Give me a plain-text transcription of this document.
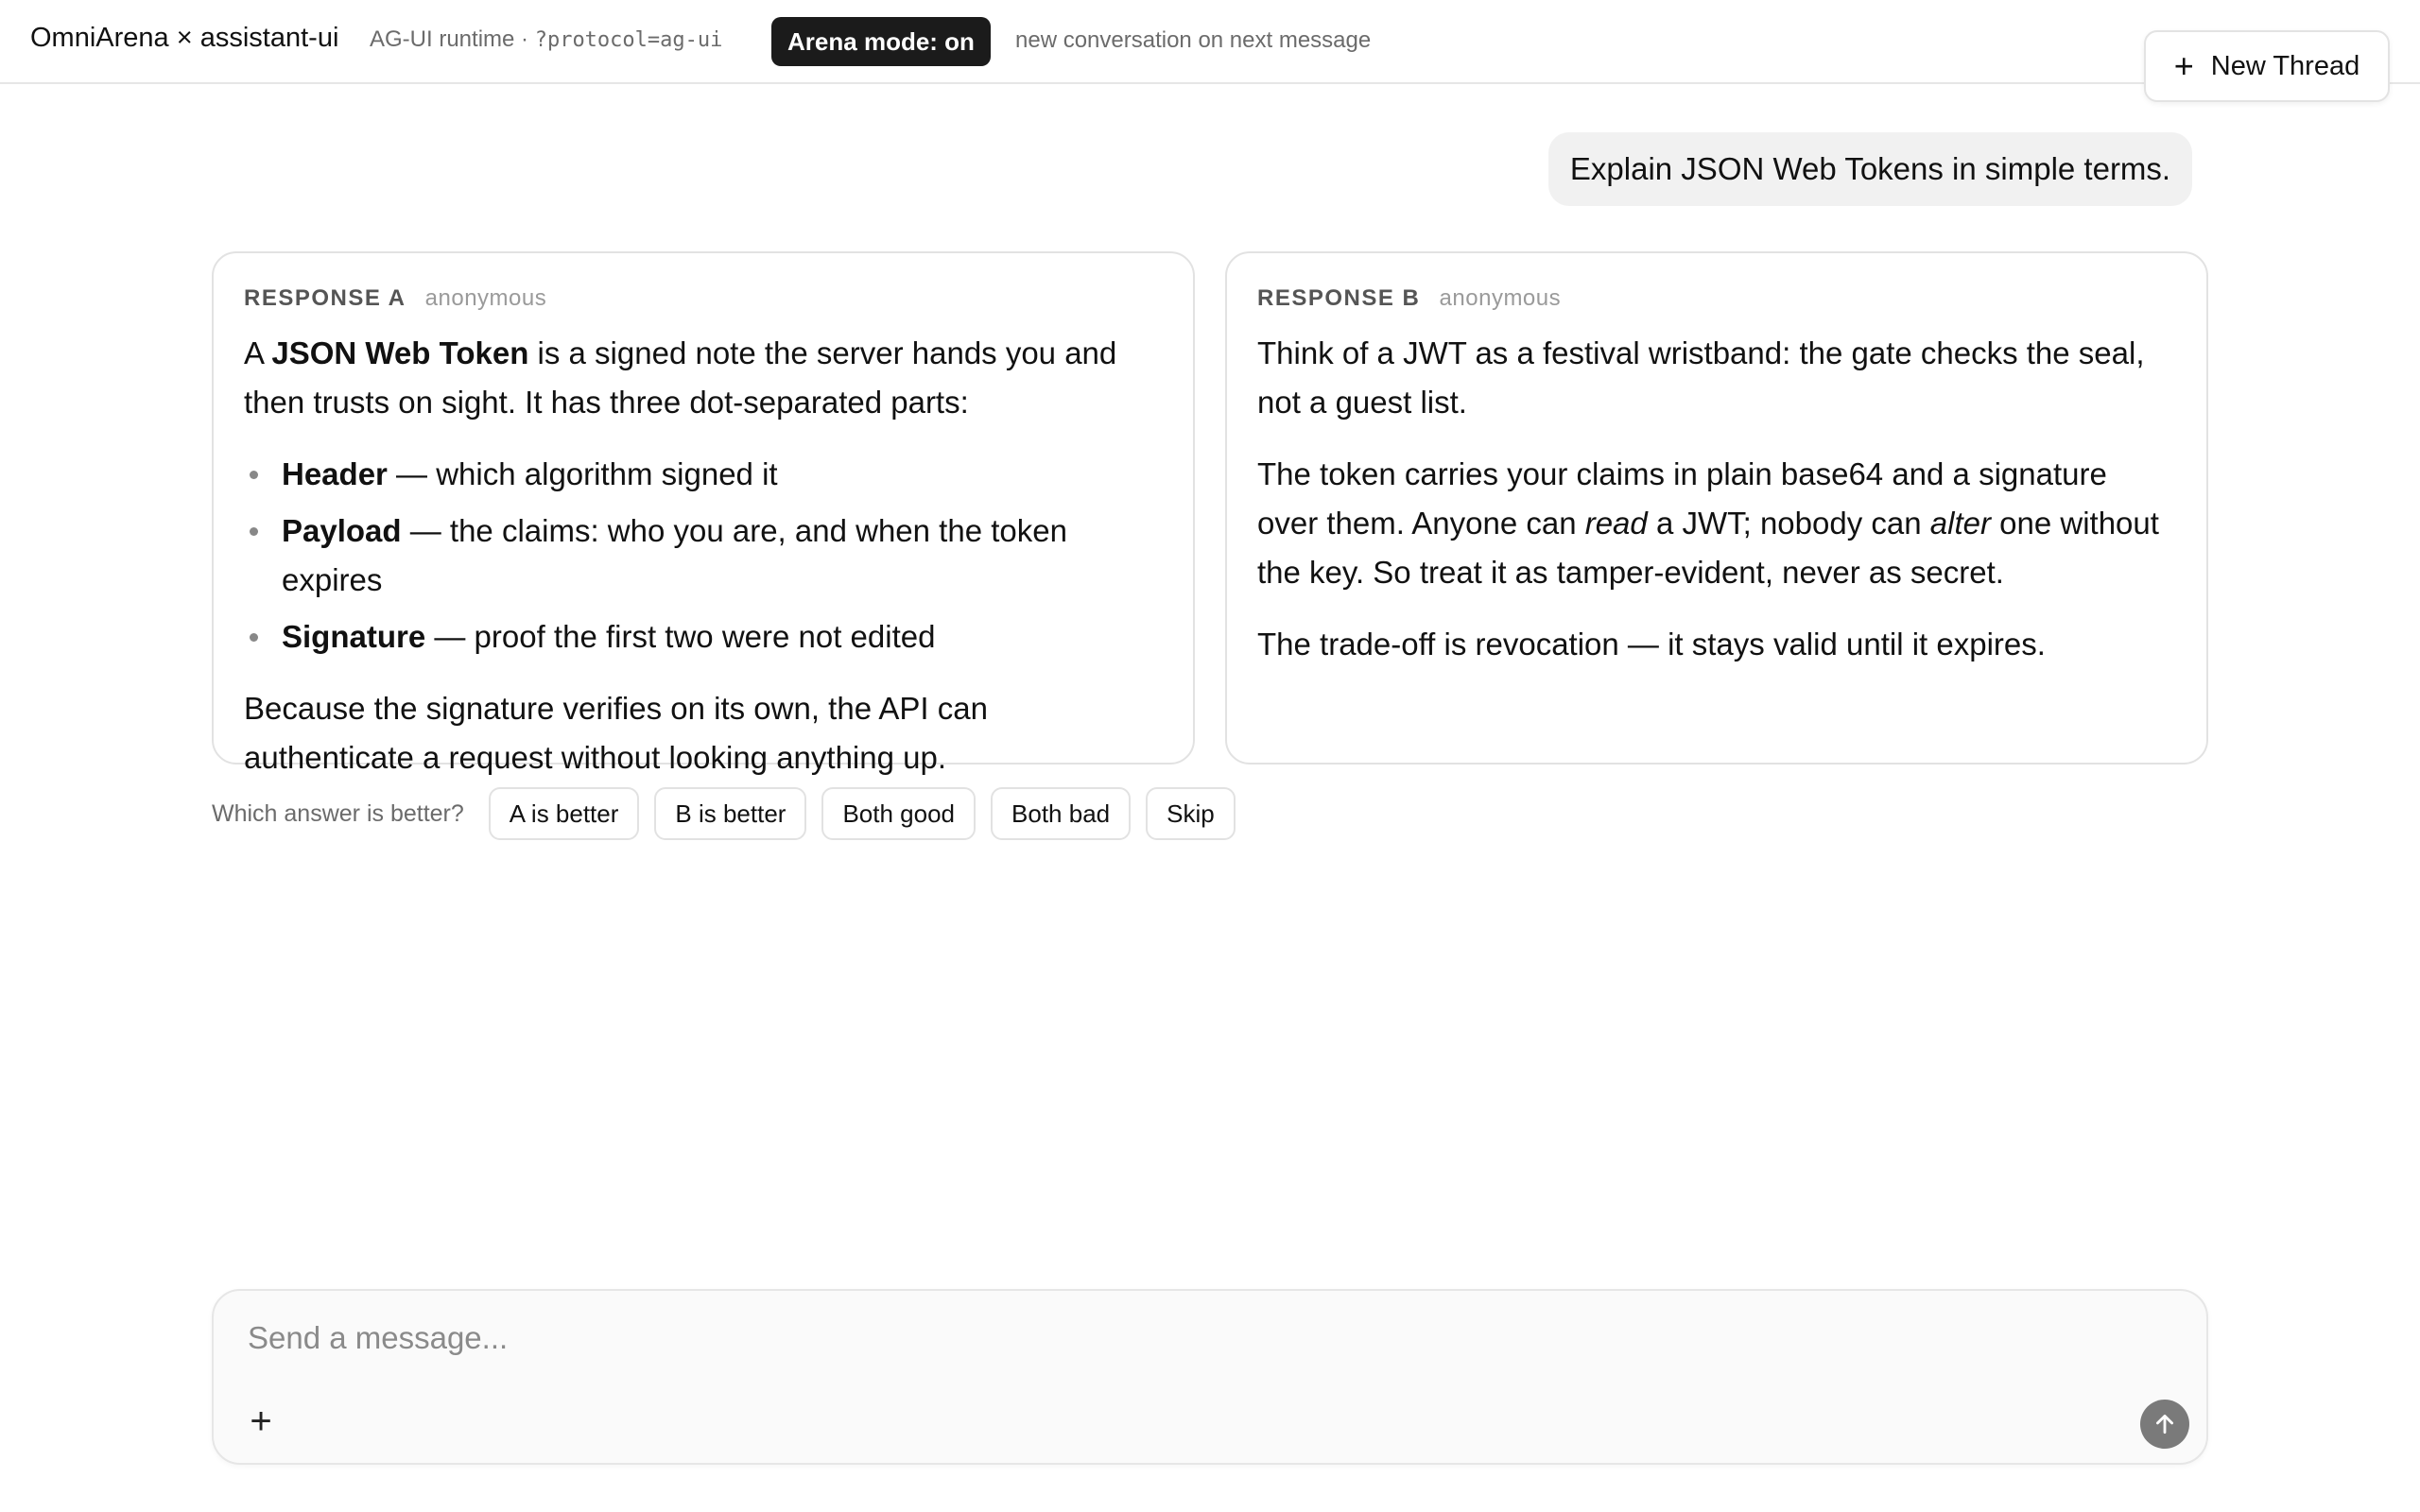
OmniArena × assistant-ui AG-UI runtime · ?protocol=ag-ui	Arena mode: on	new conversation on next message
+ New Thread
Explain JSON Web Tokens in simple terms.
RESPONSE A anonymous

A JSON Web Token is a signed note the server hands you and then trusts on sight. It has three dot-separated parts:

Header — which algorithm signed it
Payload — the claims: who you are, and when the token expires
Signature — proof the first two were not edited

Because the signature verifies on its own, the API can authenticate a request without looking anything up.

RESPONSE B anonymous

Think of a JWT as a festival wristband: the gate checks the seal, not a guest list.

The token carries your claims in plain base64 and a signature over them. Anyone can read a JWT; nobody can alter one without the key. So treat it as tamper-evident, never as secret.

The trade-off is revocation — it stays valid until it expires.

Which answer is better?	A is better	B is better	Both good	Both bad	Skip
Send a message...
+
